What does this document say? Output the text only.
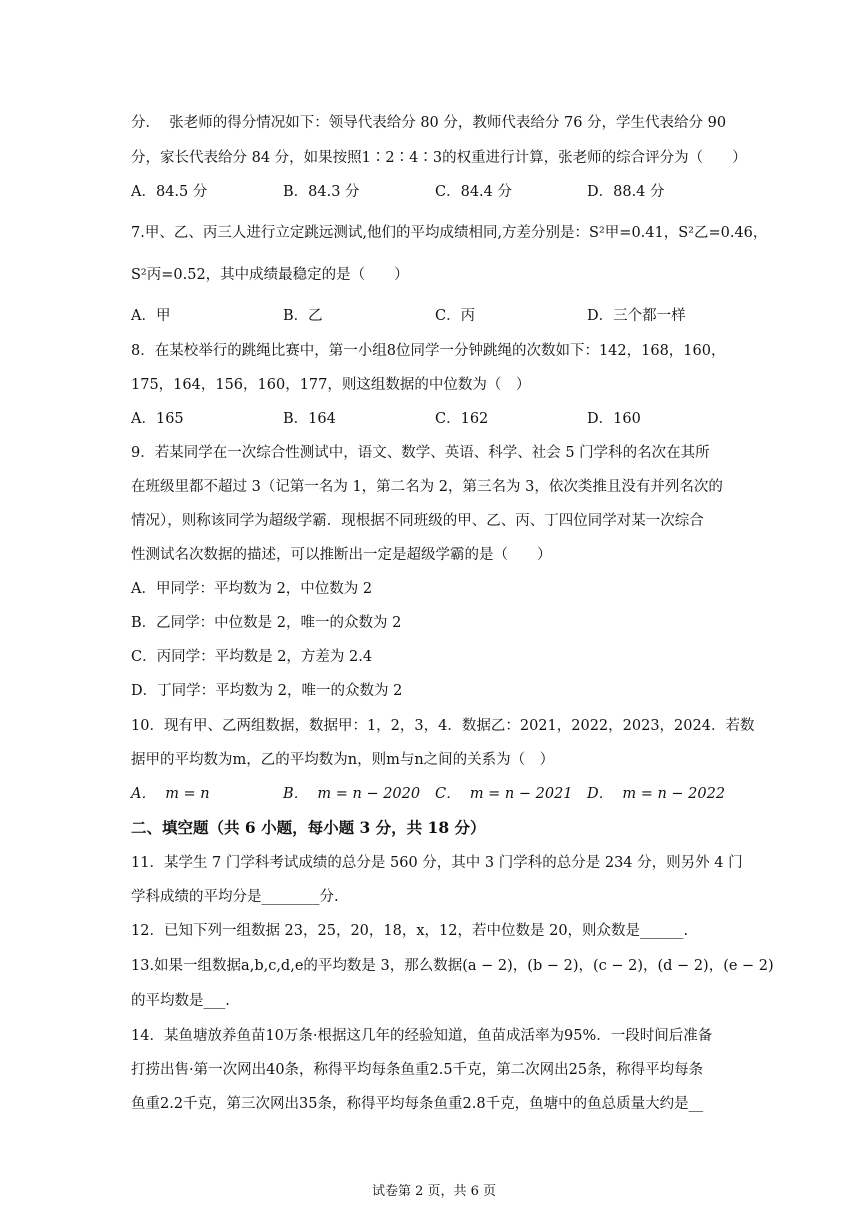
分．  张老师的得分情况如下：领导代表给分 80 分，教师代表给分 76 分，学生代表给分 90
分，家长代表给分 84 分，如果按照1∶2∶4∶3的权重进行计算，张老师的综合评分为（　　）
A．84.5 分	B．84.3 分	C．84.4 分	D．88.4 分
7.甲、乙、丙三人进行立定跳远测试,他们的平均成绩相同,方差分别是：S²甲=0.41，S²乙=0.46，
S²丙=0.52，其中成绩最稳定的是（　　）
A．甲	B．乙	C．丙	D．三个都一样
8．在某校举行的跳绳比赛中，第一小组8位同学一分钟跳绳的次数如下：142，168，160，
175，164，156，160，177，则这组数据的中位数为（　）
A．165	B．164	C．162	D．160
9．若某同学在一次综合性测试中，语文、数学、英语、科学、社会 5 门学科的名次在其所
在班级里都不超过 3（记第一名为 1，第二名为 2，第三名为 3，依次类推且没有并列名次的
情况），则称该同学为超级学霸．现根据不同班级的甲、乙、丙、丁四位同学对某一次综合
性测试名次数据的描述，可以推断出一定是超级学霸的是（　　）
A．甲同学：平均数为 2，中位数为 2
B．乙同学：中位数是 2，唯一的众数为 2
C．丙同学：平均数是 2，方差为 2.4
D．丁同学：平均数为 2，唯一的众数为 2
10．现有甲、乙两组数据，数据甲：1，2，3，4．数据乙：2021，2022，2023，2024．若数
据甲的平均数为m，乙的平均数为n，则m与n之间的关系为（　）
A．  m = n	B．  m = n − 2020 C．  m = n − 2021 D．  m = n − 2022
二、填空题（共 6 小题，每小题 3 分，共 18 分）
11．某学生 7 门学科考试成绩的总分是 560 分，其中 3 门学科的总分是 234 分，则另外 4 门
学科成绩的平均分是________分.
12．已知下列一组数据 23，25，20，18，x，12，若中位数是 20，则众数是______.
13.如果一组数据a,b,c,d,e的平均数是 3，那么数据(a − 2)，(b − 2)，(c − 2)，(d − 2)，(e − 2)
的平均数是___.
14．某鱼塘放养鱼苗10万条·根据这几年的经验知道，鱼苗成活率为95%．一段时间后准备
打捞出售·第一次网出40条，称得平均每条鱼重2.5千克，第二次网出25条，称得平均每条
鱼重2.2千克，第三次网出35条，称得平均每条鱼重2.8千克，鱼塘中的鱼总质量大约是__
试卷第 2 页，共 6 页
